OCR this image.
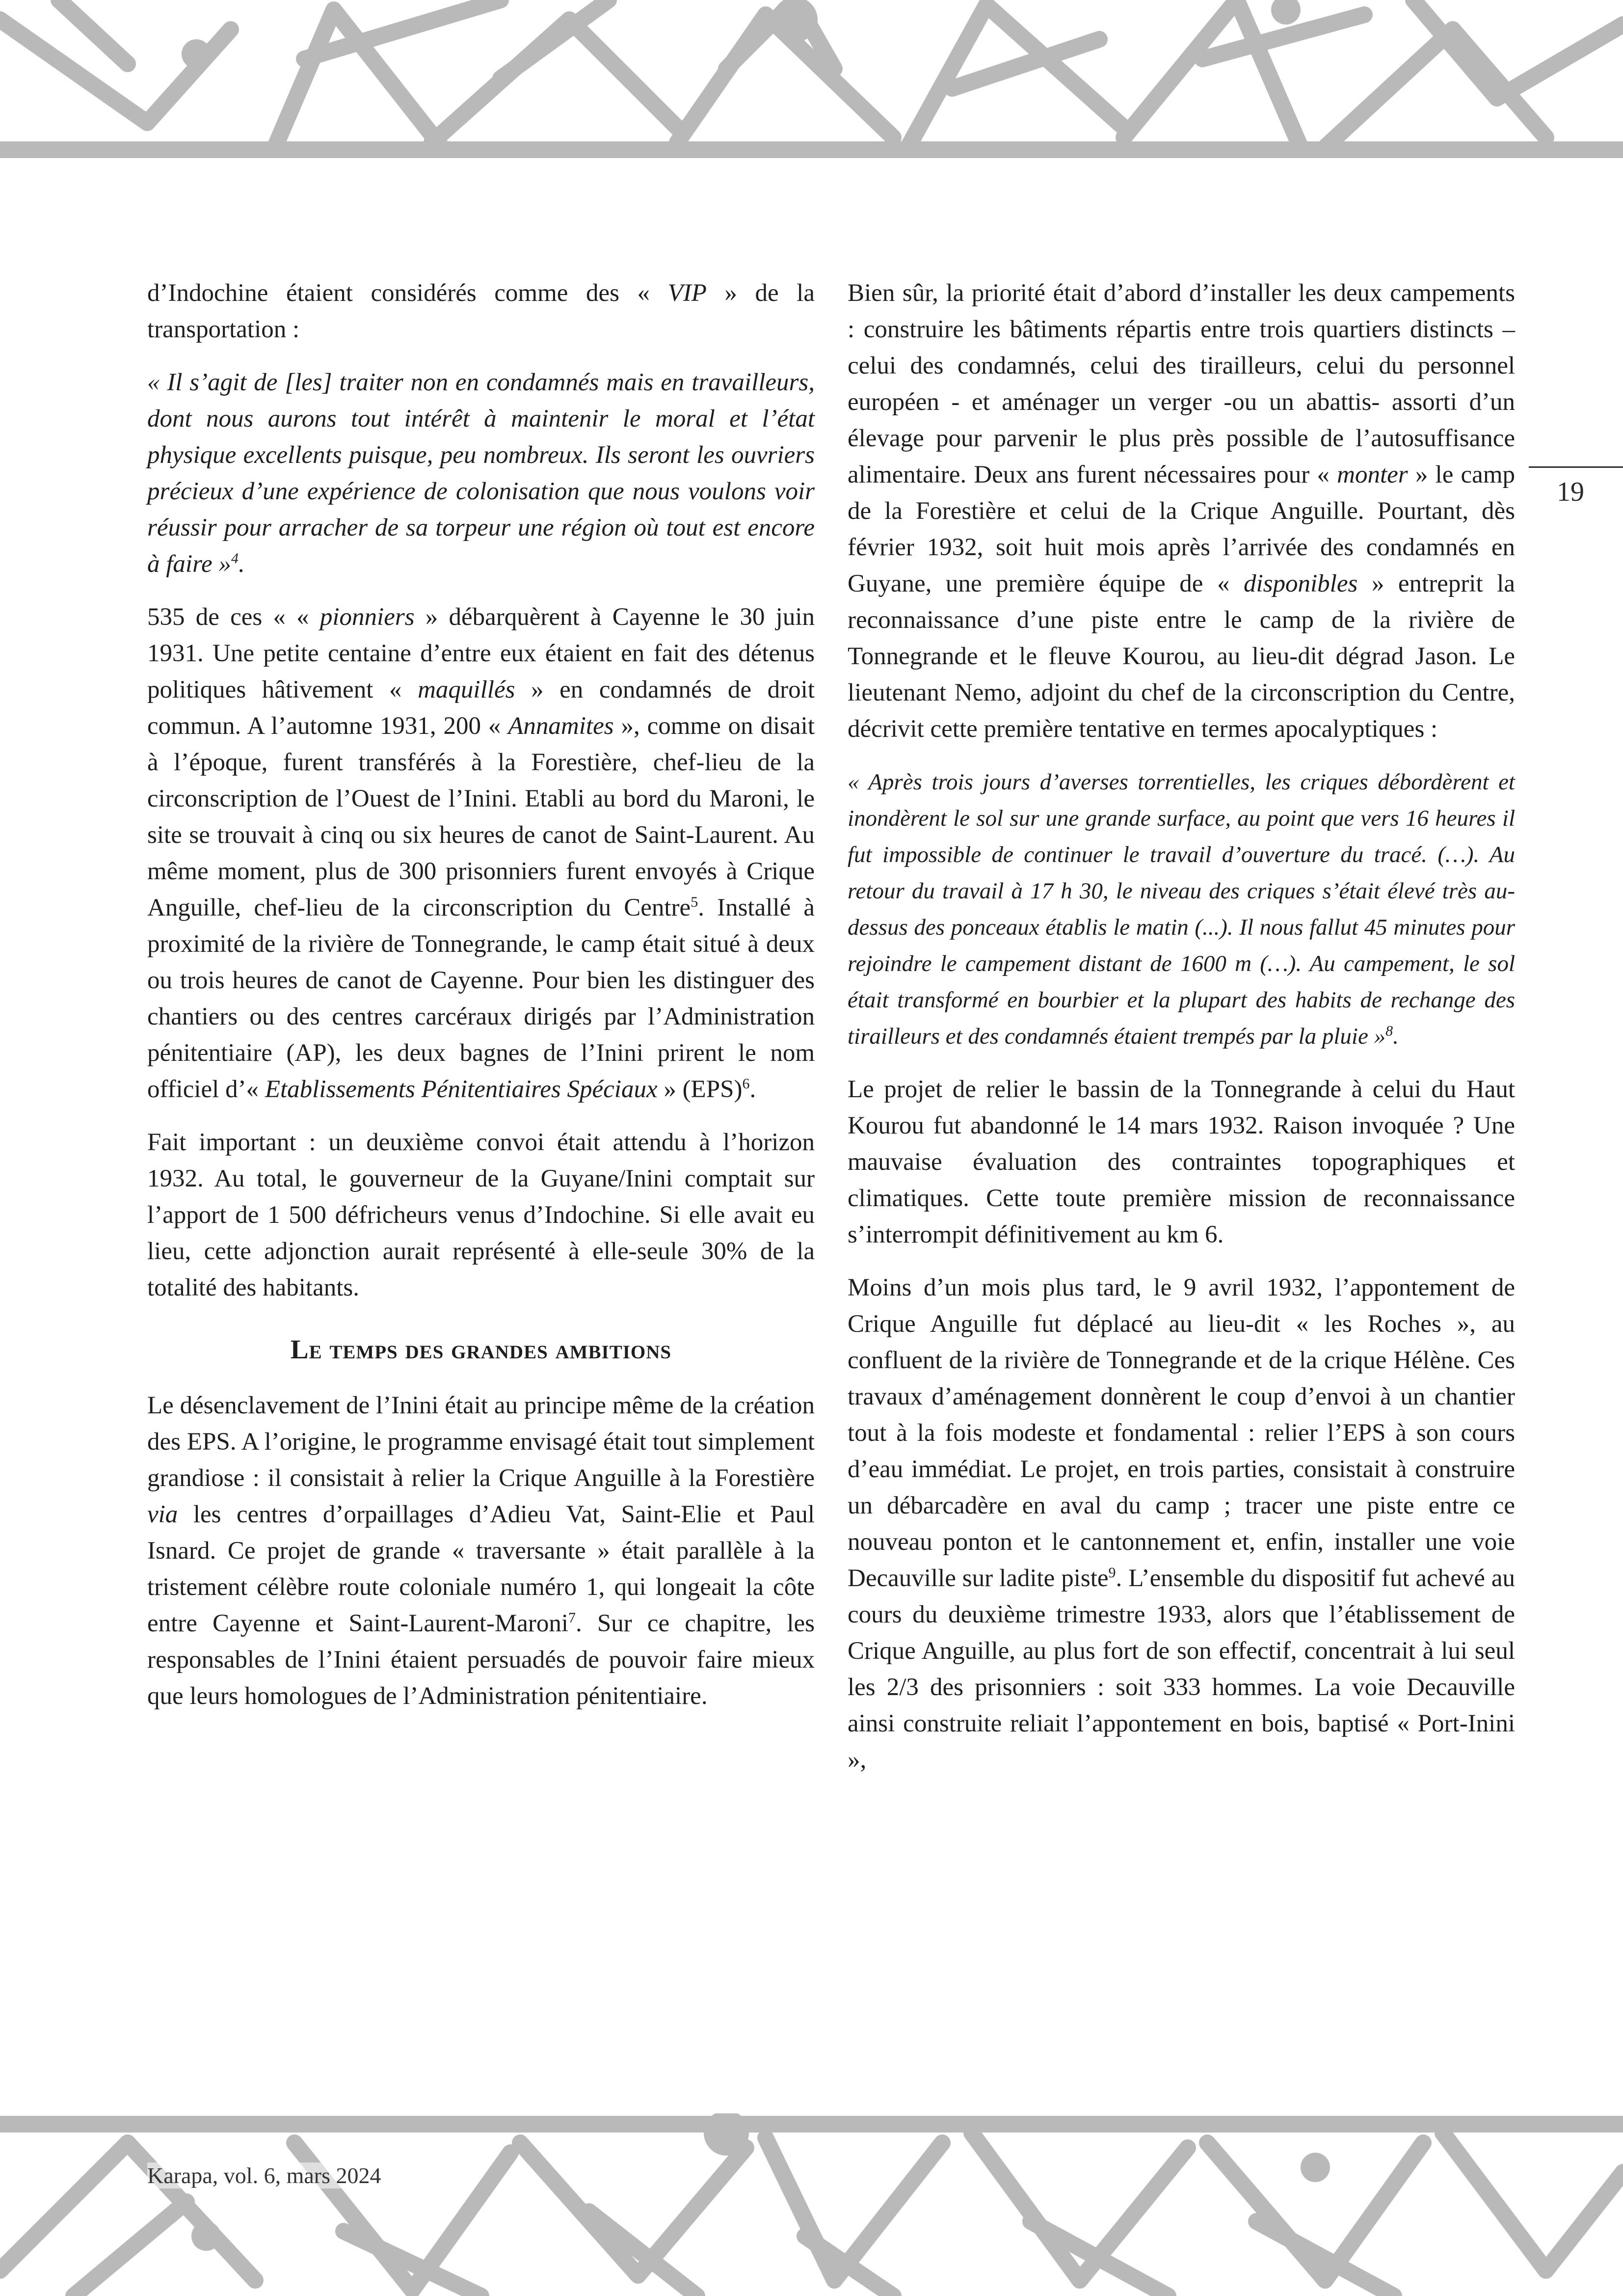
19

d’Indochine étaient considérés comme des « VIP » de la transportation :

« Il s’agit de [les] traiter non en condamnés mais en travailleurs, dont nous aurons tout intérêt à maintenir le moral et l’état physique excellents puisque, peu nombreux. Ils seront les ouvriers précieux d’une expérience de colonisation que nous voulons voir réussir pour arracher de sa torpeur une région où tout est encore à faire »$^4$.

535 de ces « « pionniers » débarquèrent à Cayenne le 30 juin 1931. Une petite centaine d’entre eux étaient en fait des détenus politiques hâtivement « maquillés » en condamnés de droit commun. A l’automne 1931, 200 « Annamites », comme on disait à l’époque, furent transférés à la Forestière, chef-lieu de la circonscription de l’Ouest de l’Inini. Etabli au bord du Maroni, le site se trouvait à cinq ou six heures de canot de Saint-Laurent. Au même moment, plus de 300 prisonniers furent envoyés à Crique Anguille, chef-lieu de la circonscription du Centre$^5$. Installé à proximité de la rivière de Tonnegrande, le camp était situé à deux ou trois heures de canot de Cayenne. Pour bien les distinguer des chantiers ou des centres carcéraux dirigés par l’Administration pénitentiaire (AP), les deux bagnes de l’Inini prirent le nom officiel d’« Etablissements Pénitentiaires Spéciaux » (EPS)$^6$.

Fait important : un deuxième convoi était attendu à l’horizon 1932. Au total, le gouverneur de la Guyane/Inini comptait sur l’apport de 1 500 défricheurs venus d’Indochine. Si elle avait eu lieu, cette adjonction aurait représenté à elle-seule 30% de la totalité des habitants.

Le temps des grandes ambitions

Le désenclavement de l’Inini était au principe même de la création des EPS. A l’origine, le programme envisagé était tout simplement grandiose : il consistait à relier la Crique Anguille à la Forestière via les centres d’orpaillages d’Adieu Vat, Saint-Elie et Paul Isnard. Ce projet de grande « traversante » était parallèle à la tristement célèbre route coloniale numéro 1, qui longeait la côte entre Cayenne et Saint-Laurent-Maroni$^7$. Sur ce chapitre, les responsables de l’Inini étaient persuadés de pouvoir faire mieux que leurs homologues de l’Administration pénitentiaire.

Bien sûr, la priorité était d’abord d’installer les deux campements : construire les bâtiments répartis entre trois quartiers distincts – celui des condamnés, celui des tirailleurs, celui du personnel européen - et aménager un verger -ou un abattis- assorti d’un élevage pour parvenir le plus près possible de l’autosuffisance alimentaire. Deux ans furent nécessaires pour « monter » le camp de la Forestière et celui de la Crique Anguille. Pourtant, dès février 1932, soit huit mois après l’arrivée des condamnés en Guyane, une première équipe de « disponibles » entreprit la reconnaissance d’une piste entre le camp de la rivière de Tonnegrande et le fleuve Kourou, au lieu-dit dégrad Jason. Le lieutenant Nemo, adjoint du chef de la circonscription du Centre, décrivit cette première tentative en termes apocalyptiques :

« Après trois jours d’averses torrentielles, les criques débordèrent et inondèrent le sol sur une grande surface, au point que vers 16 heures il fut impossible de continuer le travail d’ouverture du tracé. (…). Au retour du travail à 17 h 30, le niveau des criques s’était élevé très au-dessus des ponceaux établis le matin (...). Il nous fallut 45 minutes pour rejoindre le campement distant de 1600 m (…). Au campement, le sol était transformé en bourbier et la plupart des habits de rechange des tirailleurs et des condamnés étaient trempés par la pluie »$^8$.

Le projet de relier le bassin de la Tonnegrande à celui du Haut Kourou fut abandonné le 14 mars 1932. Raison invoquée ? Une mauvaise évaluation des contraintes topographiques et climatiques. Cette toute première mission de reconnaissance s’interrompit définitivement au km 6.

Moins d’un mois plus tard, le 9 avril 1932, l’appontement de Crique Anguille fut déplacé au lieu-dit « les Roches », au confluent de la rivière de Tonnegrande et de la crique Hélène. Ces travaux d’aménagement donnèrent le coup d’envoi à un chantier tout à la fois modeste et fondamental : relier l’EPS à son cours d’eau immédiat. Le projet, en trois parties, consistait à construire un débarcadère en aval du camp ; tracer une piste entre ce nouveau ponton et le cantonnement et, enfin, installer une voie Decauville sur ladite piste$^9$. L’ensemble du dispositif fut achevé au cours du deuxième trimestre 1933, alors que l’établissement de Crique Anguille, au plus fort de son effectif, concentrait à lui seul les 2/3 des prisonniers : soit 333 hommes. La voie Decauville ainsi construite reliait l’appontement en bois, baptisé « Port-Inini »,

Karapa, vol. 6, mars 2024
